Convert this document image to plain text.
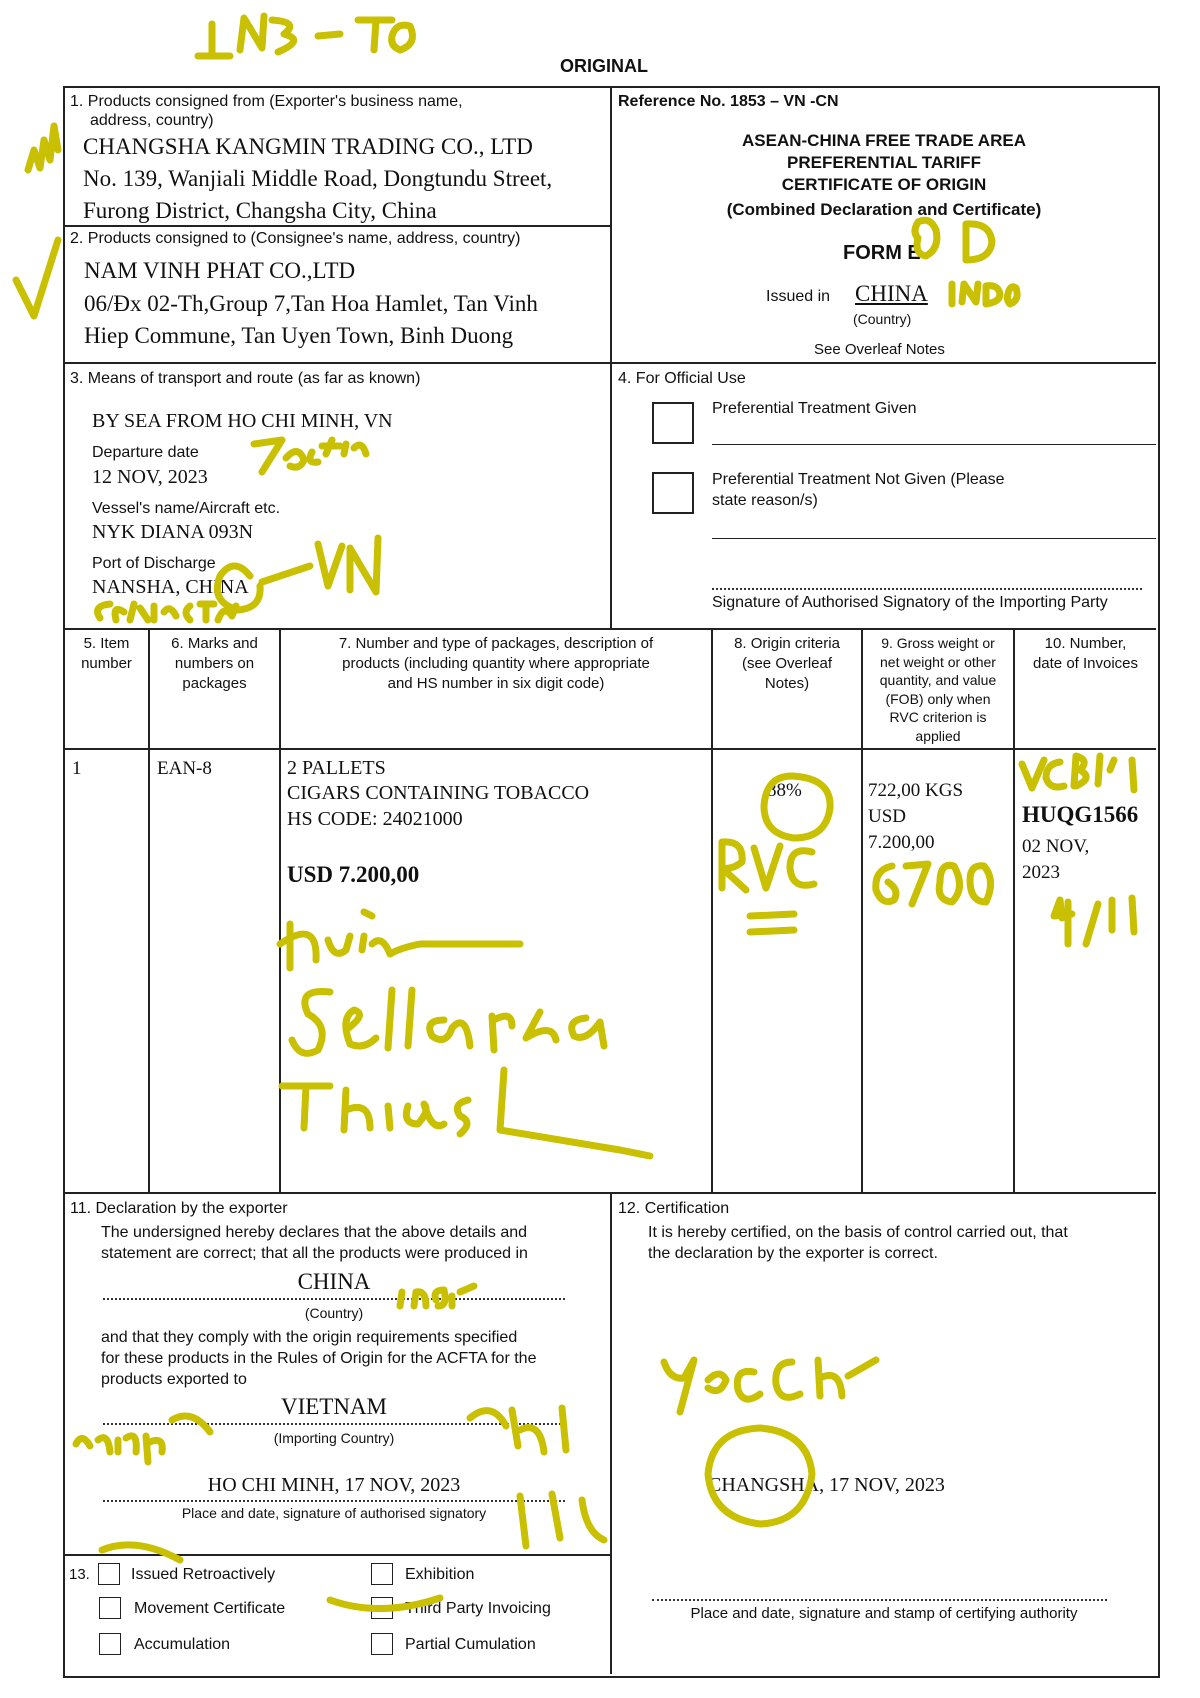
ORIGINAL
1. Products consigned from (Exporter's business name,
address, country)
CHANGSHA KANGMIN TRADING CO., LTD
No. 139, Wanjiali Middle Road, Dongtundu Street,
Furong District, Changsha City, China
Reference No. 1853 – VN -CN
ASEAN-CHINA FREE TRADE AREA
PREFERENTIAL TARIFF
CERTIFICATE OF ORIGIN
(Combined Declaration and Certificate)
FORM E
Issued in CHINA
(Country)
See Overleaf Notes
2. Products consigned to (Consignee's name, address, country)
NAM VINH PHAT CO.,LTD
06/Đx 02-Th,Group 7,Tan Hoa Hamlet, Tan Vinh
Hiep Commune, Tan Uyen Town, Binh Duong
3. Means of transport and route (as far as known)
BY SEA FROM HO CHI MINH, VN
Departure date
12 NOV, 2023
Vessel's name/Aircraft etc.
NYK DIANA 093N
Port of Discharge
NANSHA, CHINA
4. For Official Use
Preferential Treatment Given
Preferential Treatment Not Given (Please
state reason/s)
Signature of Authorised Signatory of the Importing Party
5. Item
number
6. Marks and
numbers on
packages
7. Number and type of packages, description of
products (including quantity where appropriate
and HS number in six digit code)
8. Origin criteria
(see Overleaf
Notes)
9. Gross weight or
net weight or other
quantity, and value
(FOB) only when
RVC criterion is
applied
10. Number,
date of Invoices
1	EAN-8	2 PALLETS
CIGARS CONTAINING TOBACCO
HS CODE: 24021000
USD 7.200,00
88%	722,00 KGS
USD
7.200,00
HUQG1566
02 NOV,
2023
11. Declaration by the exporter
The undersigned hereby declares that the above details and
statement are correct; that all the products were produced in
CHINA
(Country)
and that they comply with the origin requirements specified
for these products in the Rules of Origin for the ACFTA for the
products exported to
VIETNAM
(Importing Country)
HO CHI MINH, 17 NOV, 2023
Place and date, signature of authorised signatory
12. Certification
It is hereby certified, on the basis of control carried out, that
the declaration by the exporter is correct.
CHANGSHA, 17 NOV, 2023
Place and date, signature and stamp of certifying authority
13.	Issued Retroactively	Exhibition
Movement Certificate	Third Party Invoicing
Accumulation	Partial Cumulation
